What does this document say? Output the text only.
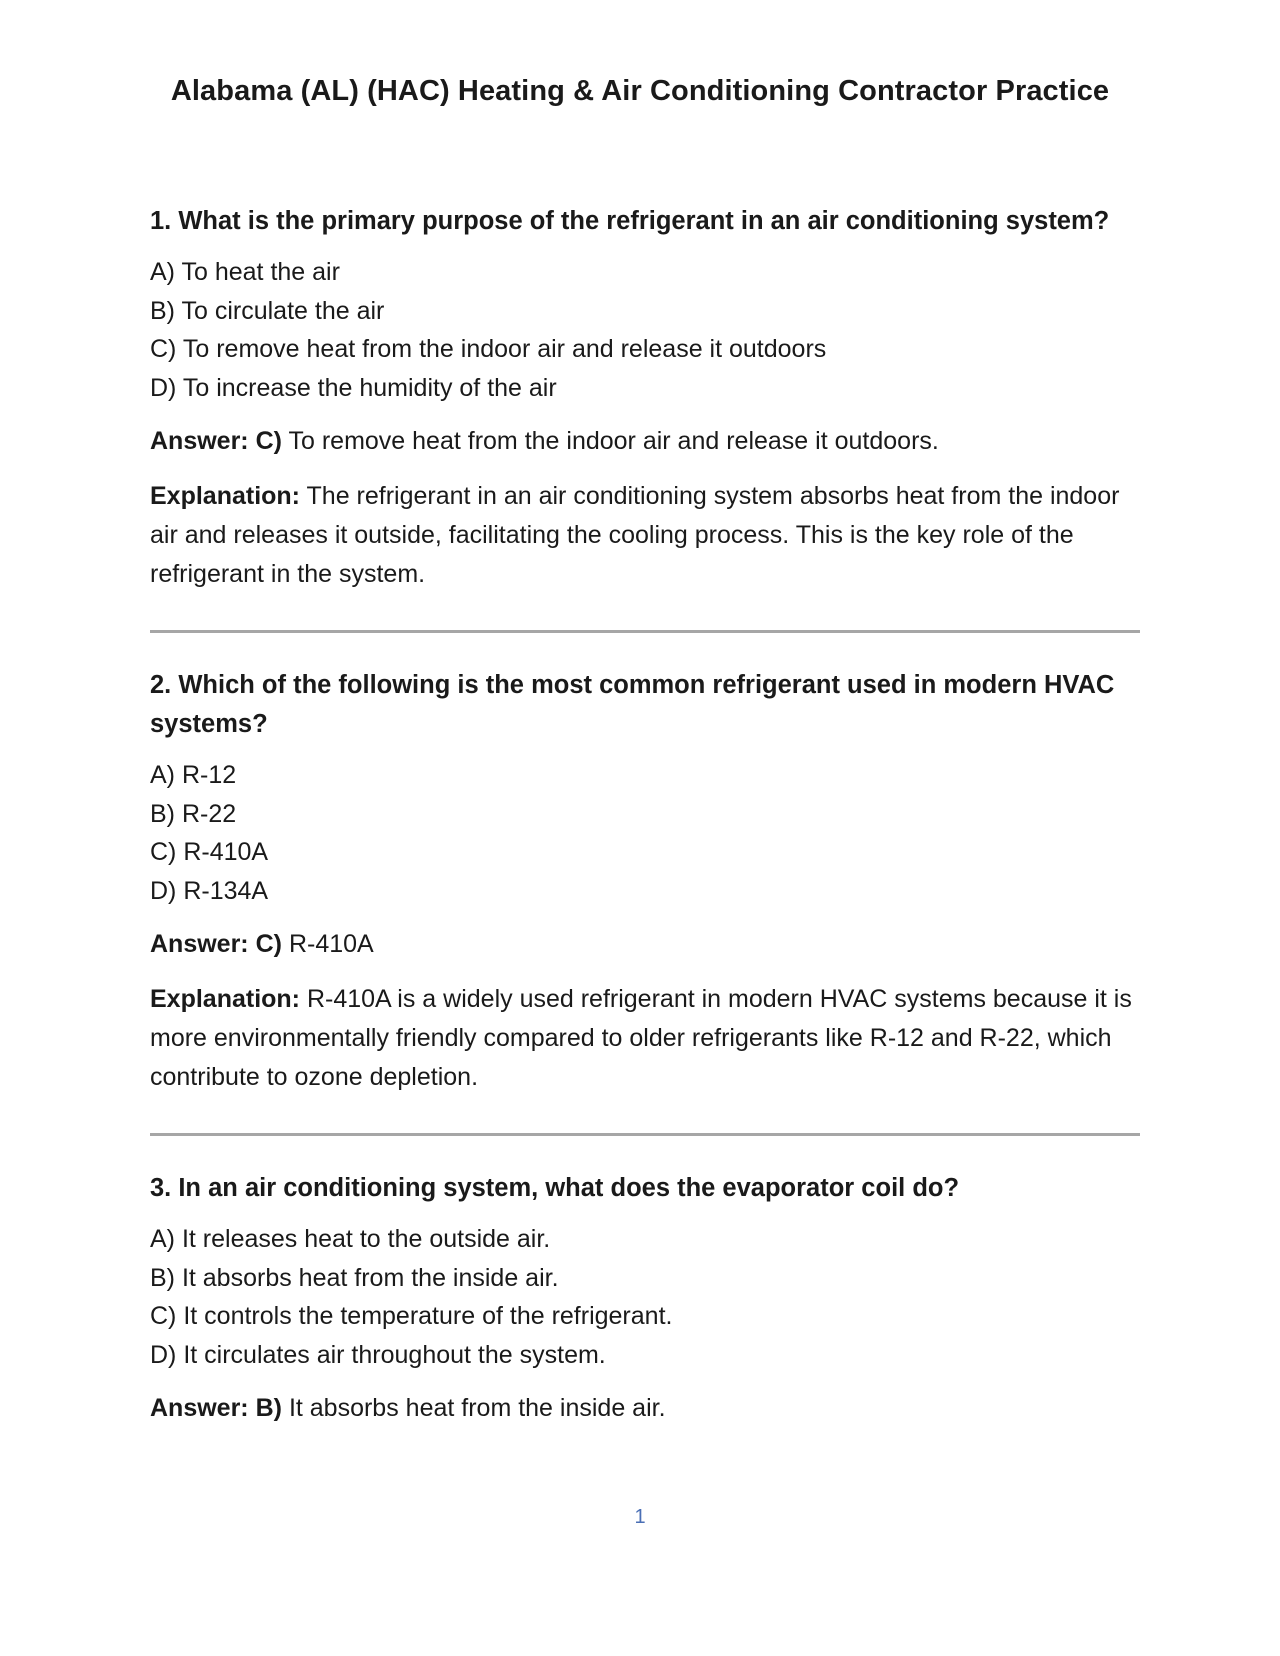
Alabama (AL) (HAC) Heating & Air Conditioning Contractor Practice
1. What is the primary purpose of the refrigerant in an air conditioning system?
A) To heat the air
B) To circulate the air
C) To remove heat from the indoor air and release it outdoors
D) To increase the humidity of the air
Answer: C) To remove heat from the indoor air and release it outdoors.
Explanation: The refrigerant in an air conditioning system absorbs heat from the indoor air and releases it outside, facilitating the cooling process. This is the key role of the refrigerant in the system.
2. Which of the following is the most common refrigerant used in modern HVAC systems?
A) R-12
B) R-22
C) R-410A
D) R-134A
Answer: C) R-410A
Explanation: R-410A is a widely used refrigerant in modern HVAC systems because it is more environmentally friendly compared to older refrigerants like R-12 and R-22, which contribute to ozone depletion.
3. In an air conditioning system, what does the evaporator coil do?
A) It releases heat to the outside air.
B) It absorbs heat from the inside air.
C) It controls the temperature of the refrigerant.
D) It circulates air throughout the system.
Answer: B) It absorbs heat from the inside air.
1
